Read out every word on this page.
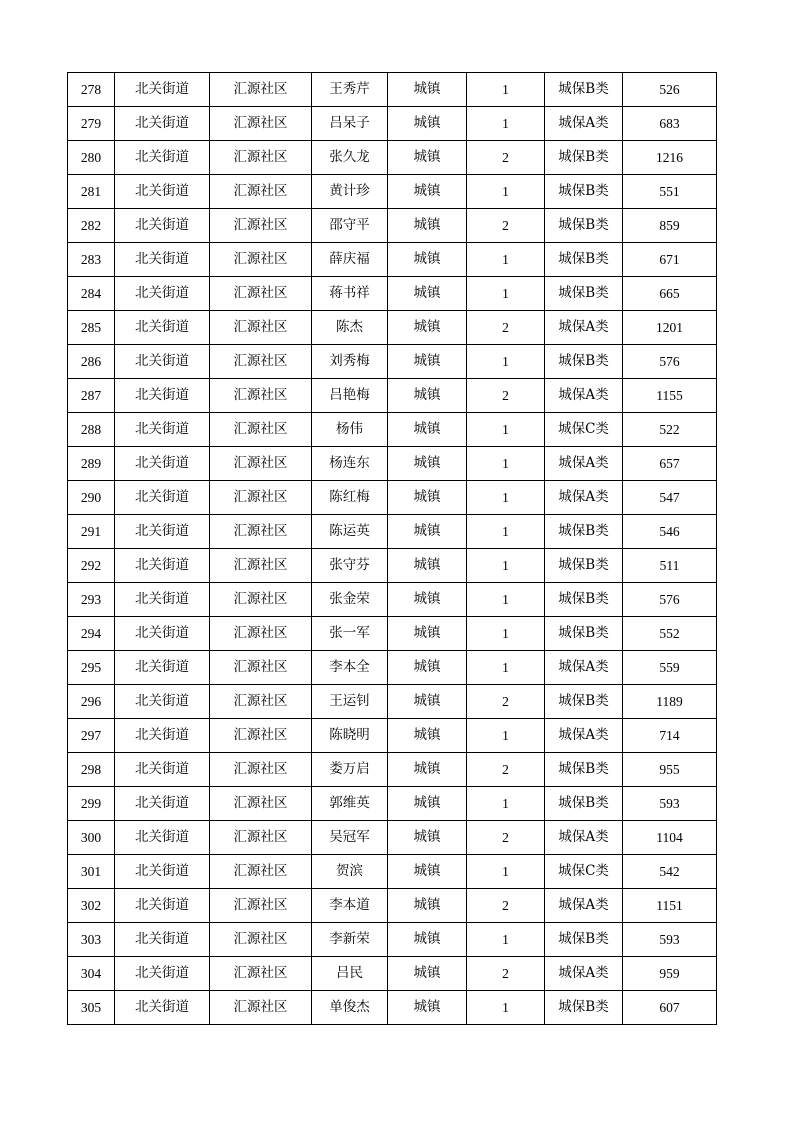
278	北关街道	汇源社区	王秀芹	城镇	1	城保B类	526
279	北关街道	汇源社区	吕呆子	城镇	1	城保A类	683
280	北关街道	汇源社区	张久龙	城镇	2	城保B类	1216
281	北关街道	汇源社区	黄计珍	城镇	1	城保B类	551
282	北关街道	汇源社区	邵守平	城镇	2	城保B类	859
283	北关街道	汇源社区	薛庆福	城镇	1	城保B类	671
284	北关街道	汇源社区	蒋书祥	城镇	1	城保B类	665
285	北关街道	汇源社区	陈杰	城镇	2	城保A类	1201
286	北关街道	汇源社区	刘秀梅	城镇	1	城保B类	576
287	北关街道	汇源社区	吕艳梅	城镇	2	城保A类	1155
288	北关街道	汇源社区	杨伟	城镇	1	城保C类	522
289	北关街道	汇源社区	杨连东	城镇	1	城保A类	657
290	北关街道	汇源社区	陈红梅	城镇	1	城保A类	547
291	北关街道	汇源社区	陈运英	城镇	1	城保B类	546
292	北关街道	汇源社区	张守芬	城镇	1	城保B类	511
293	北关街道	汇源社区	张金荣	城镇	1	城保B类	576
294	北关街道	汇源社区	张一军	城镇	1	城保B类	552
295	北关街道	汇源社区	李本全	城镇	1	城保A类	559
296	北关街道	汇源社区	王运钊	城镇	2	城保B类	1189
297	北关街道	汇源社区	陈晓明	城镇	1	城保A类	714
298	北关街道	汇源社区	娄万启	城镇	2	城保B类	955
299	北关街道	汇源社区	郭维英	城镇	1	城保B类	593
300	北关街道	汇源社区	吴冠军	城镇	2	城保A类	1104
301	北关街道	汇源社区	贺滨	城镇	1	城保C类	542
302	北关街道	汇源社区	李本道	城镇	2	城保A类	1151
303	北关街道	汇源社区	李新荣	城镇	1	城保B类	593
304	北关街道	汇源社区	吕民	城镇	2	城保A类	959
305	北关街道	汇源社区	单俊杰	城镇	1	城保B类	607
